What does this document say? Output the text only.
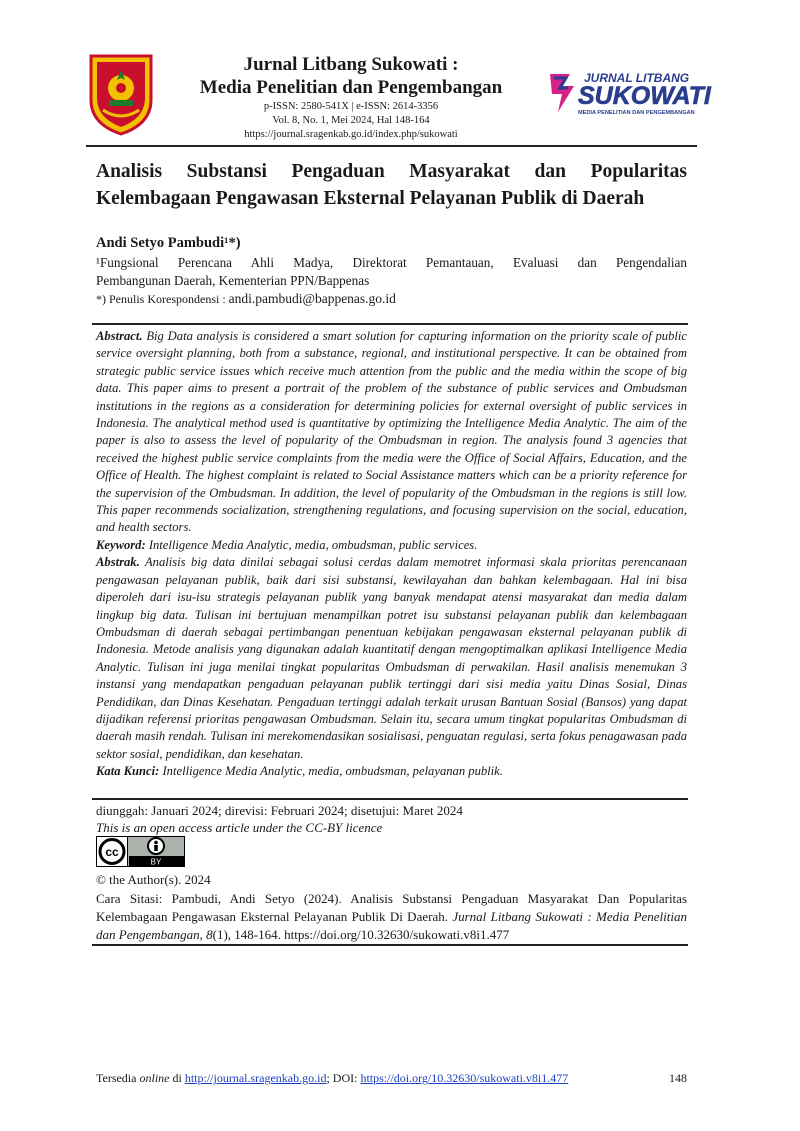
Jurnal Litbang Sukowati :
Media Penelitian dan Pengembangan
p-ISSN: 2580-541X | e-ISSN: 2614-3356
Vol. 8, No. 1, Mei 2024, Hal 148-164
https://journal.sragenkab.go.id/index.php/sukowati
JURNAL LITBANG
SUKOWATI
MEDIA PENELITIAN DAN PENGEMBANGAN
Analisis Substansi Pengaduan Masyarakat dan Popularitas
Kelembagaan Pengawasan Eksternal Pelayanan Publik di Daerah
Andi Setyo Pambudi¹*)
¹Fungsional Perencana Ahli Madya, Direktorat Pemantauan, Evaluasi dan Pengendalian
Pembangunan Daerah, Kementerian PPN/Bappenas
*) Penulis Korespondensi : andi.pambudi@bappenas.go.id

Abstract. Big Data analysis is considered a smart solution for capturing information on the priority scale of public service oversight planning, both from a substance, regional, and institutional perspective. It can be obtained from strategic public service issues which receive much attention from the public and the media within the scope of big data. This paper aims to present a portrait of the problem of the substance of public services and Ombudsman institutions in the regions as a consideration for determining policies for external oversight of public services in Indonesia. The analytical method used is quantitative by optimizing the Intelligence Media Analytic. The aim of the paper is also to assess the level of popularity of the Ombudsman in region. The analysis found 3 agencies that received the highest public service complaints from the media were the Office of Social Affairs, Education, and the Office of Health. The highest complaint is related to Social Assistance matters which can be a priority reference for the supervision of the Ombudsman. In addition, the level of popularity of the Ombudsman in the regions is still low. This paper recommends socialization, strengthening regulations, and focusing supervision on the social, education, and health sectors.

Keyword: Intelligence Media Analytic, media, ombudsman, public services.

Abstrak. Analisis big data dinilai sebagai solusi cerdas dalam memotret informasi skala prioritas perencanaan pengawasan pelayanan publik, baik dari sisi substansi, kewilayahan dan bahkan kelembagaan. Hal ini bisa diperoleh dari isu-isu strategis pelayanan publik yang banyak mendapat atensi masyarakat dan media dalam lingkup big data. Tulisan ini bertujuan menampilkan potret isu substansi pelayanan publik dan kelembagaan Ombudsman di daerah sebagai pertimbangan penentuan kebijakan pengawasan eksternal pelayanan publik di Indonesia. Metode analisis yang digunakan adalah kuantitatif dengan mengoptimalkan aplikasi Intelligence Media Analytic. Tulisan ini juga menilai tingkat popularitas Ombudsman di perwakilan. Hasil analisis menemukan 3 instansi yang mendapatkan pengaduan pelayanan publik tertinggi dari sisi media yaitu Dinas Sosial, Dinas Pendidikan, dan Dinas Kesehatan. Pengaduan tertinggi adalah terkait urusan Bantuan Sosial (Bansos) yang dapat dijadikan referensi prioritas pengawasan Ombudsman. Selain itu, secara umum tingkat popularitas Ombudsman di daerah masih rendah. Tulisan ini merekomendasikan sosialisasi, penguatan regulasi, serta fokus penagawasan pada sektor sosial, pendidikan, dan kesehatan.

Kata Kunci: Intelligence Media Analytic, media, ombudsman, pelayanan publik.

diunggah: Januari 2024; direvisi: Februari 2024; disetujui: Maret 2024
This is an open access article under the CC-BY licence
cc
BY
© the Author(s). 2024
Cara Sitasi: Pambudi, Andi Setyo (2024). Analisis Substansi Pengaduan Masyarakat Dan Popularitas
Kelembagaan Pengawasan Eksternal Pelayanan Publik Di Daerah. Jurnal Litbang Sukowati : Media Penelitian dan Pengembangan, 8(1), 148-164. https://doi.org/10.32630/sukowati.v8i1.477
Tersedia online di http://journal.sragenkab.go.id; DOI: https://doi.org/10.32630/sukowati.v8i1.477	148
